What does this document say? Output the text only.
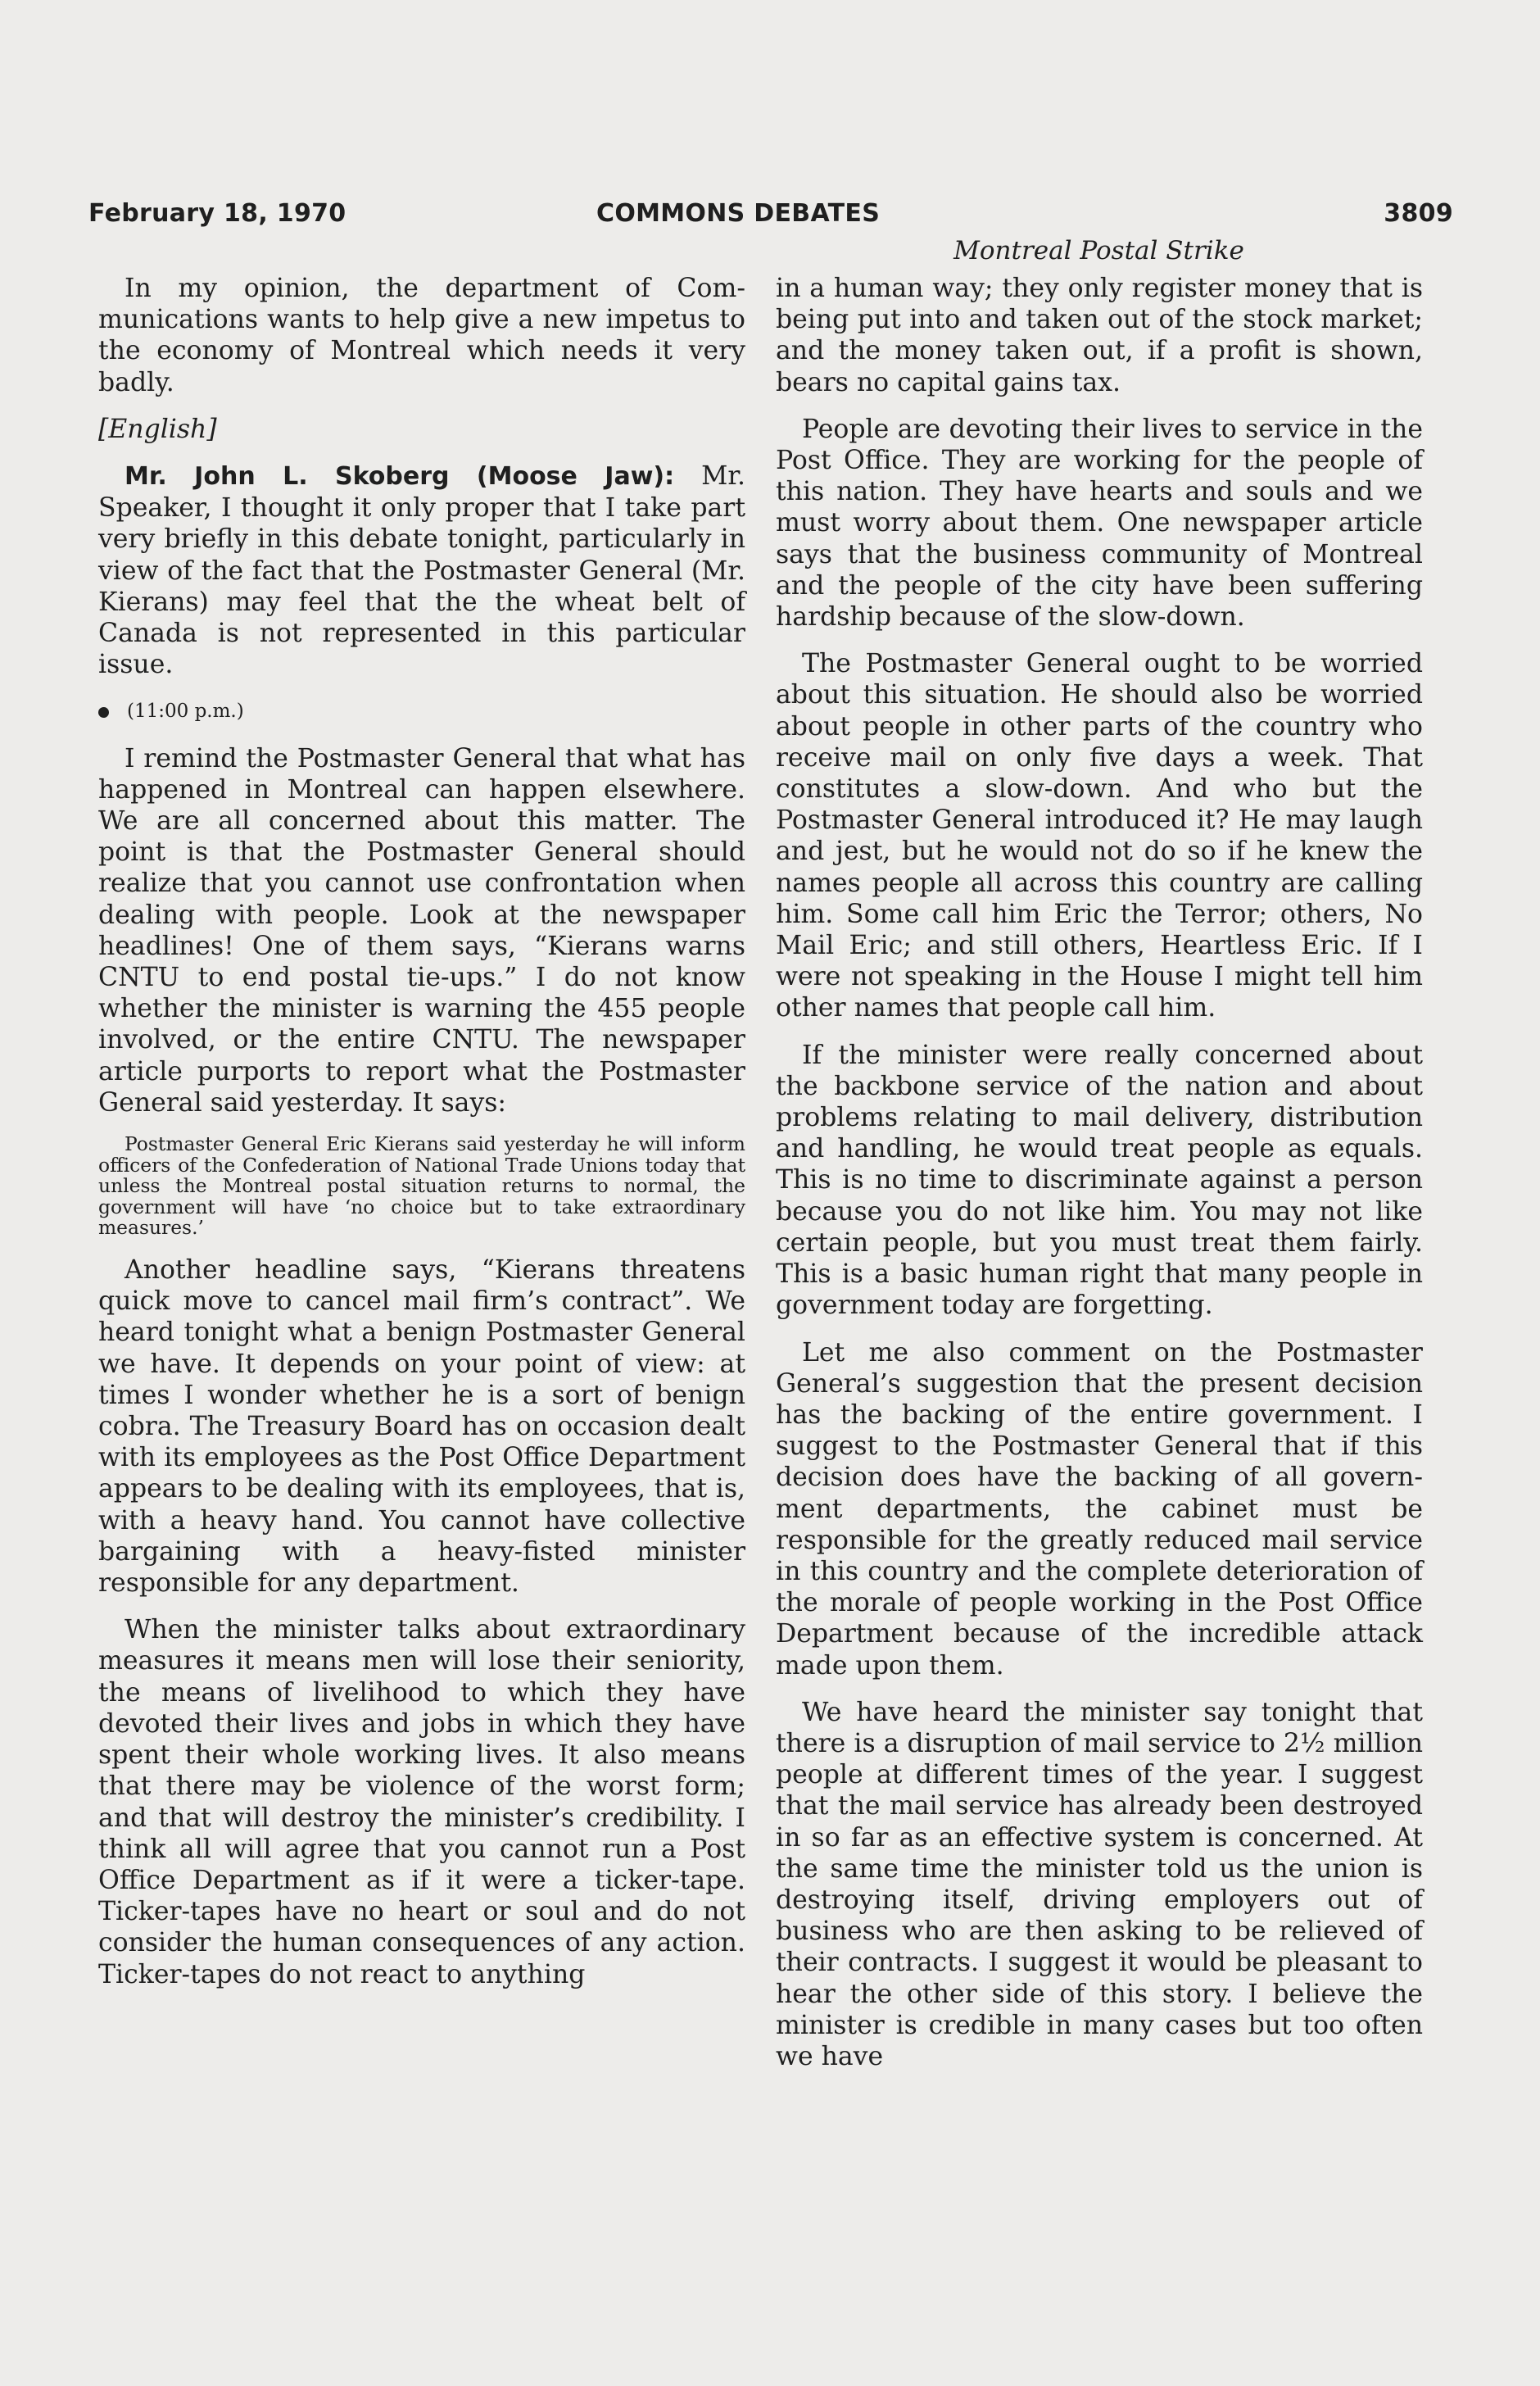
February 18, 1970	COMMONS DEBATES	3809
Montreal Postal Strike

In my opinion, the department of Communications wants to help give a new impetus to the economy of Montreal which needs it very badly.

[English]

Mr. John L. Skoberg (Moose Jaw): Mr. Speaker, I thought it only proper that I take part very briefly in this debate tonight, particularly in view of the fact that the Postmaster General (Mr. Kierans) may feel that the the wheat belt of Canada is not represented in this particular issue.

(11:00 p.m.)

I remind the Postmaster General that what has happened in Montreal can happen elsewhere. We are all concerned about this matter. The point is that the Postmaster General should realize that you cannot use confrontation when dealing with people. Look at the newspaper headlines! One of them says, “Kierans warns CNTU to end postal tie-ups.” I do not know whether the minister is warning the 455 people involved, or the entire CNTU. The newspaper article purports to report what the Postmaster General said yesterday. It says:

Postmaster General Eric Kierans said yesterday he will inform officers of the Confederation of National Trade Unions today that unless the Montreal postal situation returns to normal, the government will have ‘no choice but to take extraordinary measures.’

Another headline says, “Kierans threatens quick move to cancel mail firm’s contract”. We heard tonight what a benign Postmaster General we have. It depends on your point of view: at times I wonder whether he is a sort of benign cobra. The Treasury Board has on occasion dealt with its employees as the Post Office Department appears to be dealing with its employees, that is, with a heavy hand. You cannot have collective bargaining with a heavy-fisted minister responsible for any department.

When the minister talks about extraordinary measures it means men will lose their seniority, the means of livelihood to which they have devoted their lives and jobs in which they have spent their whole working lives. It also means that there may be violence of the worst form; and that will destroy the minister’s credibility. I think all will agree that you cannot run a Post Office Department as if it were a ticker-tape. Ticker-tapes have no heart or soul and do not consider the human consequences of any action. Ticker-tapes do not react to anything

in a human way; they only register money that is being put into and taken out of the stock market; and the money taken out, if a profit is shown, bears no capital gains tax.

People are devoting their lives to service in the Post Office. They are working for the people of this nation. They have hearts and souls and we must worry about them. One newspaper article says that the business community of Montreal and the people of the city have been suffering hardship because of the slow-down.

The Postmaster General ought to be worried about this situation. He should also be worried about people in other parts of the country who receive mail on only five days a week. That constitutes a slow-down. And who but the Postmaster General introduced it? He may laugh and jest, but he would not do so if he knew the names people all across this country are calling him. Some call him Eric the Terror; others, No Mail Eric; and still others, Heartless Eric. If I were not speaking in the House I might tell him other names that people call him.

If the minister were really concerned about the backbone service of the nation and about problems relating to mail delivery, distribution and handling, he would treat people as equals. This is no time to discriminate against a person because you do not like him. You may not like certain people, but you must treat them fairly. This is a basic human right that many people in government today are forgetting.

Let me also comment on the Postmaster General’s suggestion that the present decision has the backing of the entire government. I suggest to the Postmaster General that if this decision does have the backing of all government departments, the cabinet must be responsible for the greatly reduced mail service in this country and the complete deterioration of the morale of people working in the Post Office Department because of the incredible attack made upon them.

We have heard the minister say tonight that there is a disruption of mail service to 2½ million people at different times of the year. I suggest that the mail service has already been destroyed in so far as an effective system is concerned. At the same time the minister told us the union is destroying itself, driving employers out of business who are then asking to be relieved of their contracts. I suggest it would be pleasant to hear the other side of this story. I believe the minister is credible in many cases but too often we have
